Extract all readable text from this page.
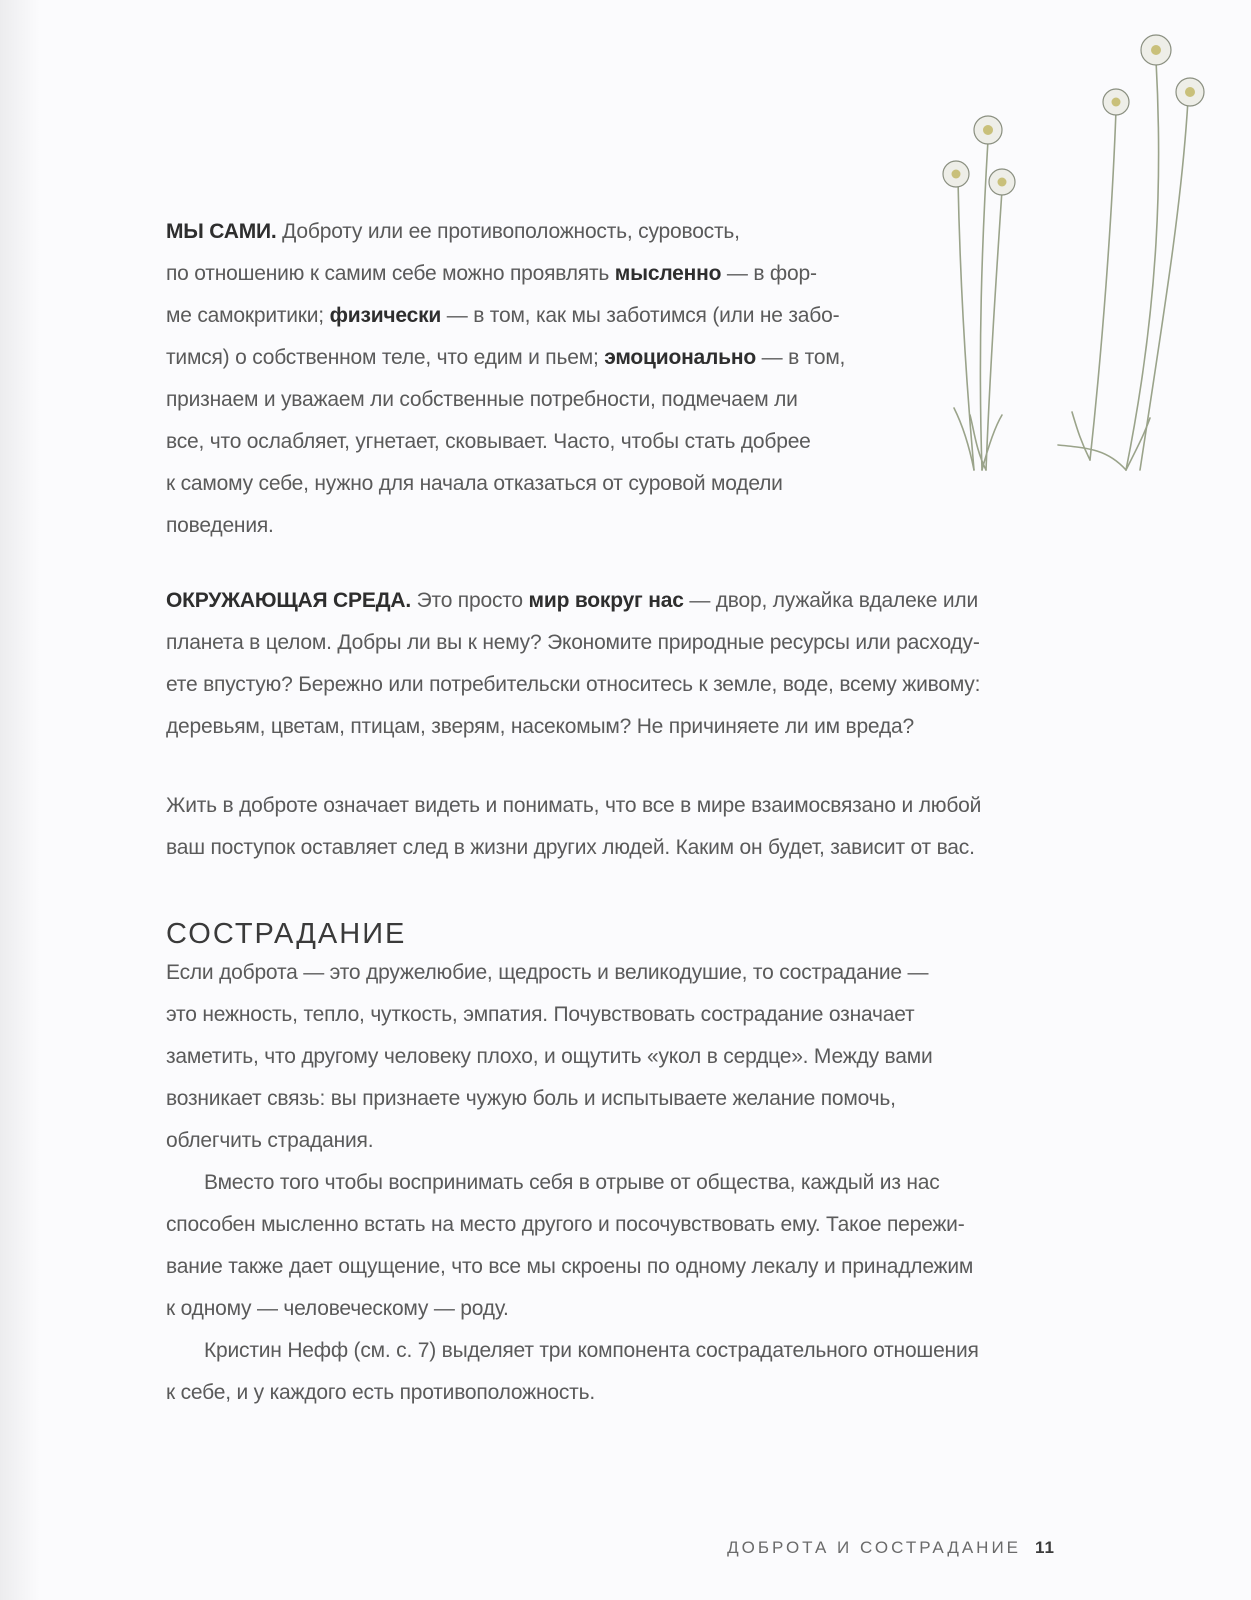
МЫ САМИ. Доброту или ее противоположность, суровость,
по отношению к самим себе можно проявлять мысленно — в фор-
ме самокритики; физически — в том, как мы заботимся (или не забо-
тимся) о собственном теле, что едим и пьем; эмоционально — в том,
признаем и уважаем ли собственные потребности, подмечаем ли
все, что ослабляет, угнетает, сковывает. Часто, чтобы стать добрее
к самому себе, нужно для начала отказаться от суровой модели
поведения.

ОКРУЖАЮЩАЯ СРЕДА. Это просто мир вокруг нас — двор, лужайка вдалеке или
планета в целом. Добры ли вы к нему? Экономите природные ресурсы или расходу-
ете впустую? Бережно или потребительски относитесь к земле, воде, всему живому:
деревьям, цветам, птицам, зверям, насекомым? Не причиняете ли им вреда?

Жить в доброте означает видеть и понимать, что все в мире взаимосвязано и любой
ваш поступок оставляет след в жизни других людей. Каким он будет, зависит от вас.

СОСТРАДАНИЕ

Если доброта — это дружелюбие, щедрость и великодушие, то сострадание —
это нежность, тепло, чуткость, эмпатия. Почувствовать сострадание означает
заметить, что другому человеку плохо, и ощутить «укол в сердце». Между вами
возникает связь: вы признаете чужую боль и испытываете желание помочь,
облегчить страдания.
Вместо того чтобы воспринимать себя в отрыве от общества, каждый из нас
способен мысленно встать на место другого и посочувствовать ему. Такое пережи-
вание также дает ощущение, что все мы скроены по одному лекалу и принадлежим
к одному — человеческому — роду.
Кристин Нефф (см. с. 7) выделяет три компонента сострадательного отношения
к себе, и у каждого есть противоположность.

ДОБРОТА И СОСТРАДАНИЕ 11
